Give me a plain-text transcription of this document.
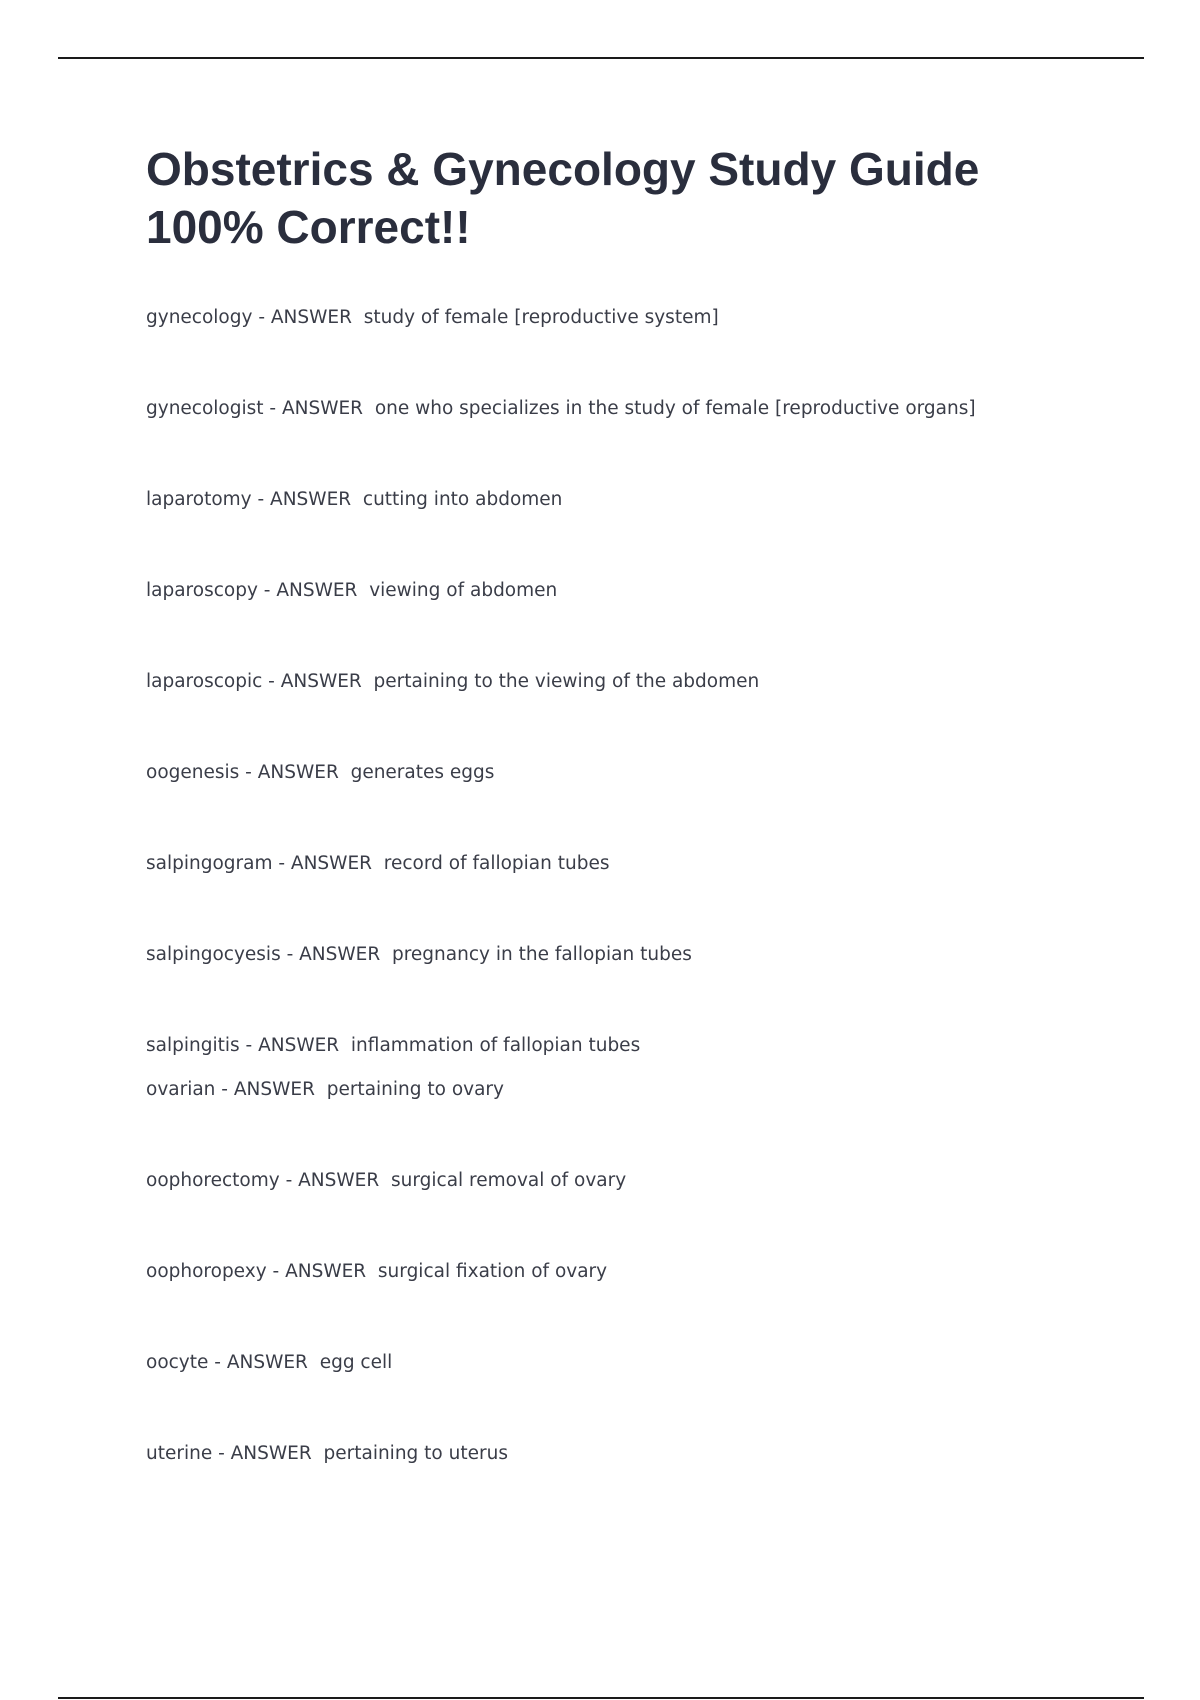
Obstetrics & Gynecology Study Guide
100% Correct!!
gynecology - ANSWER  study of female [reproductive system]
gynecologist - ANSWER  one who specializes in the study of female [reproductive organs]
laparotomy - ANSWER  cutting into abdomen
laparoscopy - ANSWER  viewing of abdomen
laparoscopic - ANSWER  pertaining to the viewing of the abdomen
oogenesis - ANSWER  generates eggs
salpingogram - ANSWER  record of fallopian tubes
salpingocyesis - ANSWER  pregnancy in the fallopian tubes
salpingitis - ANSWER  inflammation of fallopian tubes
ovarian - ANSWER  pertaining to ovary
oophorectomy - ANSWER  surgical removal of ovary
oophoropexy - ANSWER  surgical fixation of ovary
oocyte - ANSWER  egg cell
uterine - ANSWER  pertaining to uterus
